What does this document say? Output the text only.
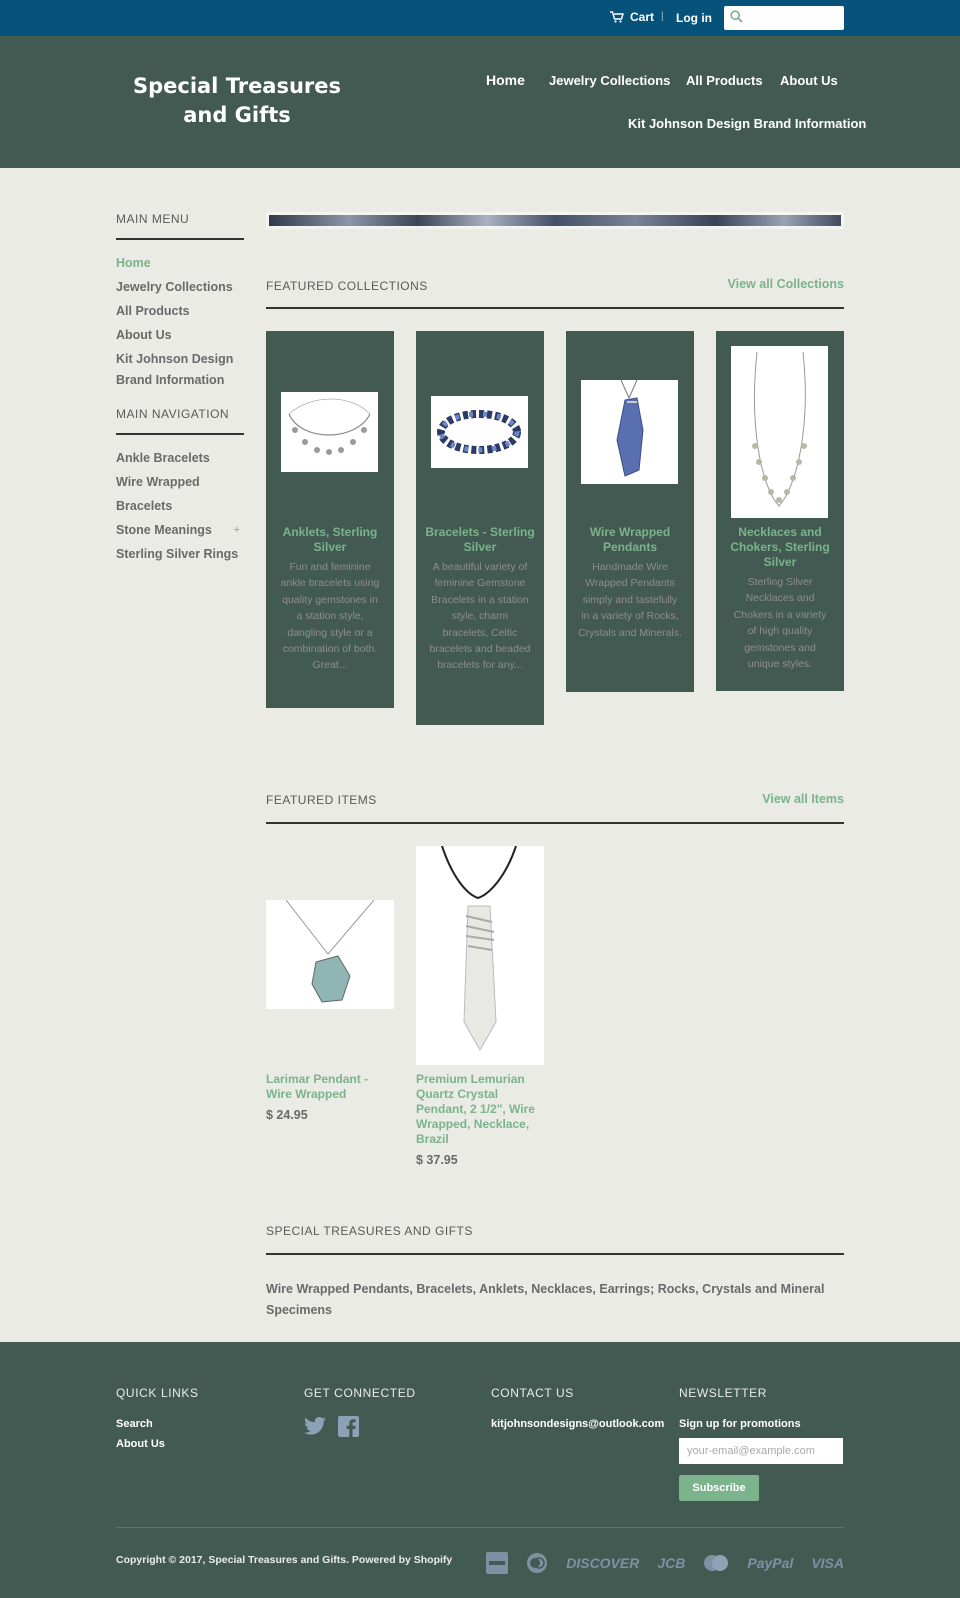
Cart | Log in
Special Treasures
and Gifts
Home Jewelry Collections All Products About Us
Kit Johnson Design Brand Information
MAIN MENU
Home
Jewelry Collections
All Products
About Us
Kit Johnson Design
Brand Information
MAIN NAVIGATION
Ankle Bracelets
Wire Wrapped
Bracelets
Stone Meanings +
Sterling Silver Rings
FEATURED COLLECTIONS	View all Collections
Anklets, Sterling Silver
Fun and feminine ankle bracelets using quality gemstones in a station style, dangling style or a combination of both. Great...
Bracelets - Sterling Silver
A beautiful variety of feminine Gemstone Bracelets in a station style, charm bracelets, Celtic bracelets and beaded bracelets for any...
Wire Wrapped Pendants
Handmade Wire Wrapped Pendants simply and tastefully in a variety of Rocks, Crystals and Minerals.
Necklaces and Chokers, Sterling Silver
Sterling Silver Necklaces and Chokers in a variety of high quality gemstones and unique styles.
FEATURED ITEMS	View all Items
Larimar Pendant - Wire Wrapped
$ 24.95
Premium Lemurian Quartz Crystal Pendant, 2 1/2", Wire Wrapped, Necklace, Brazil
$ 37.95
SPECIAL TREASURES AND GIFTS
Wire Wrapped Pendants, Bracelets, Anklets, Necklaces, Earrings; Rocks, Crystals and Mineral Specimens
QUICK LINKS
Search
About Us
GET CONNECTED	CONTACT US
kitjohnsondesigns@outlook.com
NEWSLETTER
Sign up for promotions
your-email@example.com
Subscribe
Copyright © 2017, Special Treasures and Gifts. Powered by Shopify	DISCOVER JCB	PayPal VISA
